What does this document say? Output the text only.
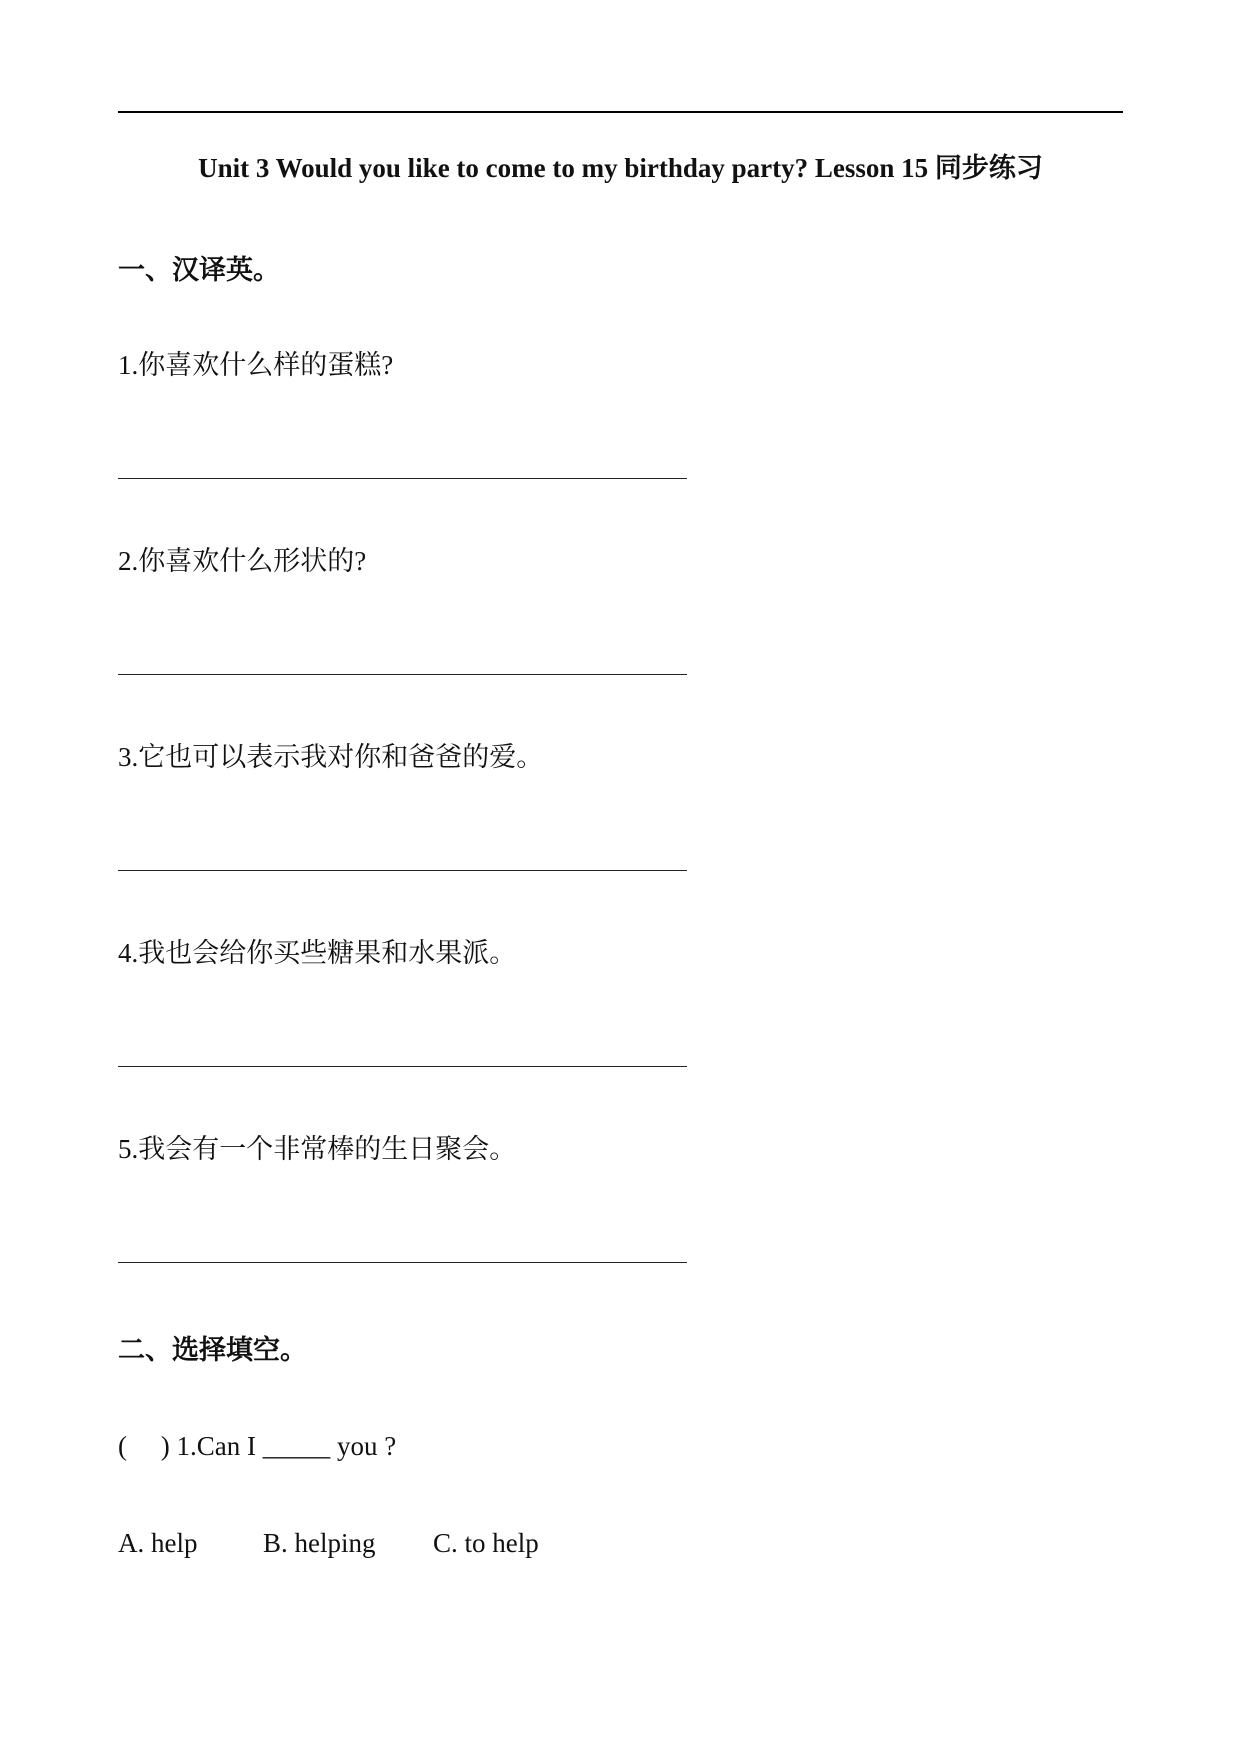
Unit 3 Would you like to come to my birthday party? Lesson 15 同步练习
一、汉译英。
1.你喜欢什么样的蛋糕?
2.你喜欢什么形状的?
3.它也可以表示我对你和爸爸的爱。
4.我也会给你买些糖果和水果派。
5.我会有一个非常棒的生日聚会。
二、选择填空。
(     ) 1.Can I _____ you ?
A. help B. helping C. to help
